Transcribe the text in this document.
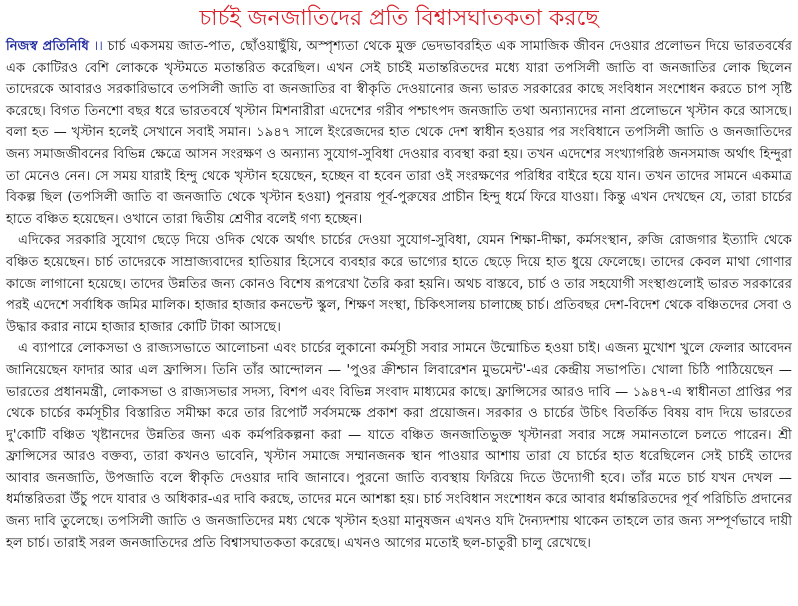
চার্চই জনজাতিদের প্রতি বিশ্বাসঘাতকতা করছে

নিজস্ব প্রতিনিধি ।। চার্চ একসময় জাত-পাত, ছোঁওয়াছুঁয়ি, অস্পৃশ্যতা থেকে মুক্ত ভেদভাবরহিত এক সামাজিক জীবন দেওয়ার প্রলোভন দিয়ে ভারতবর্ষের এক কোটিরও বেশি লোককে খৃস্টমতে মতান্তরিত করেছিল। এখন সেই চার্চই মতান্তরিতদের মধ্যে যারা তপসিলী জাতি বা জনজাতির লোক ছিলেন তাদেরকে আবারও সরকারিভাবে তপসিলী জাতি বা জনজাতির বা স্বীকৃতি দেওয়ানোর জন্য ভারত সরকারের কাছে সংবিধান সংশোধন করতে চাপ সৃষ্টি করেছে। বিগত তিনশো বছর ধরে ভারতবর্ষে খৃস্টান মিশনারীরা এদেশের গরীব পশ্চাৎপদ জনজাতি তথা অন্যান্যদের নানা প্রলোভনে খৃস্টান করে আসছে। বলা হত — খৃস্টান হলেই সেখানে সবাই সমান। ১৯৪৭ সালে ইংরেজদের হাত থেকে দেশ স্বাধীন হওয়ার পর সংবিধানে তপসিলী জাতি ও জনজাতিদের জন্য সমাজজীবনের বিভিন্ন ক্ষেত্রে আসন সংরক্ষণ ও অন্যান্য সুযোগ-সুবিধা দেওয়ার ব্যবস্থা করা হয়। তখন এদেশের সংখ্যাগরিষ্ঠ জনসমাজ অর্থাৎ হিন্দুরা তা মেনেও নেন। সে সময় যারাই হিন্দু থেকে খৃস্টান হয়েছেন, হচ্ছেন বা হবেন তারা ওই সংরক্ষণের পরিধির বাইরে হয়ে যান। তখন তাদের সামনে একমাত্র বিকল্প ছিল (তপসিলী জাতি বা জনজাতি থেকে খৃস্টান হওয়া) পুনরায় পূর্ব-পুরুষের প্রাচীন হিন্দু ধর্মে ফিরে যাওয়া। কিন্তু এখন দেখছেন যে, তারা চার্চের হাতে বঞ্চিত হয়েছেন। ওখানে তারা দ্বিতীয় শ্রেণীর বলেই গণ্য হচ্ছেন।

এদিকের সরকারি সুযোগ ছেড়ে দিয়ে ওদিক থেকে অর্থাৎ চার্চের দেওয়া সুযোগ-সুবিধা, যেমন শিক্ষা-দীক্ষা, কর্মসংস্থান, রুজি রোজগার ইত্যাদি থেকে বঞ্চিত হয়েছেন। চার্চ তাদেরকে সাম্রাজ্যবাদের হাতিয়ার হিসেবে ব্যবহার করে ভাগ্যের হাতে ছেড়ে দিয়ে হাত ধুয়ে ফেলেছে। তাদের কেবল মাথা গোণার কাজে লাগানো হয়েছে। তাদের উন্নতির জন্য কোনও বিশেষ রূপরেখা তৈরি করা হয়নি। অথচ বাস্তবে, চার্চ ও তার সহযোগী সংস্থাগুলোই ভারত সরকারের পরই এদেশে সর্বাধিক জমির মালিক। হাজার হাজার কনভেন্ট স্কুল, শিক্ষণ সংস্থা, চিকিৎসালয় চালাচ্ছে চার্চ। প্রতিবছর দেশ-বিদেশ থেকে বঞ্চিতদের সেবা ও উদ্ধার করার নামে হাজার হাজার কোটি টাকা আসছে।

এ ব্যাপারে লোকসভা ও রাজ্যসভাতে আলোচনা এবং চার্চের লুকানো কর্মসূচী সবার সামনে উন্মোচিত হওয়া চাই। এজন্য মুখোশ খুলে ফেলার আবেদন জানিয়েছেন ফাদার আর এল ফ্রান্সিস। তিনি তাঁর আন্দোলন — 'পুওর ক্রীশ্চান লিবারেশন মুভমেন্ট'-এর কেন্দ্রীয় সভাপতি। খোলা চিঠি পাঠিয়েছেন — ভারতের প্রধানমন্ত্রী, লোকসভা ও রাজ্যসভার সদস্য, বিশপ এবং বিভিন্ন সংবাদ মাধ্যমের কাছে। ফ্রান্সিসের আরও দাবি — ১৯৪৭-এ স্বাধীনতা প্রাপ্তির পর থেকে চার্চের কর্মসূচীর বিস্তারিত সমীক্ষা করে তার রিপোর্ট সর্বসমক্ষে প্রকাশ করা প্রয়োজন। সরকার ও চার্চের উচিৎ বিতর্কিত বিষয় বাদ দিয়ে ভারতের দু'কোটি বঞ্চিত খৃষ্টানদের উন্নতির জন্য এক কর্মপরিকল্পনা করা — যাতে বঞ্চিত জনজাতিভুক্ত খৃস্টানরা সবার সঙ্গে সমানতালে চলতে পারেন। শ্রী ফ্রান্সিসের আরও বক্তব্য, তারা কখনও ভাবেনি, খৃস্টান সমাজে সম্মানজনক স্থান পাওয়ার আশায় তারা যে চার্চের হাত ধরেছিলেন সেই চার্চই তাদের আবার জনজাতি, উপজাতি বলে স্বীকৃতি দেওয়ার দাবি জানাবে। পুরনো জাতি ব্যবস্থায় ফিরিয়ে দিতে উদ্যোগী হবে। তাঁর মতে চার্চ যখন দেখল — ধর্মান্তরিতরা উঁচু পদে যাবার ও অধিকার-এর দাবি করছে, তাদের মনে আশঙ্কা হয়। চার্চ সংবিধান সংশোধন করে আবার ধর্মান্তরিতদের পূর্ব পরিচিতি প্রদানের জন্য দাবি তুলেছে। তপসিলী জাতি ও জনজাতিদের মধ্য থেকে খৃস্টান হওয়া মানুষজন এখনও যদি দৈন্যদশায় থাকেন তাহলে তার জন্য সম্পূর্ণভাবে দায়ী হল চার্চ। তারাই সরল জনজাতিদের প্রতি বিশ্বাসঘাতকতা করেছে। এখনও আগের মতোই ছল-চাতুরী চালু রেখেছে।
